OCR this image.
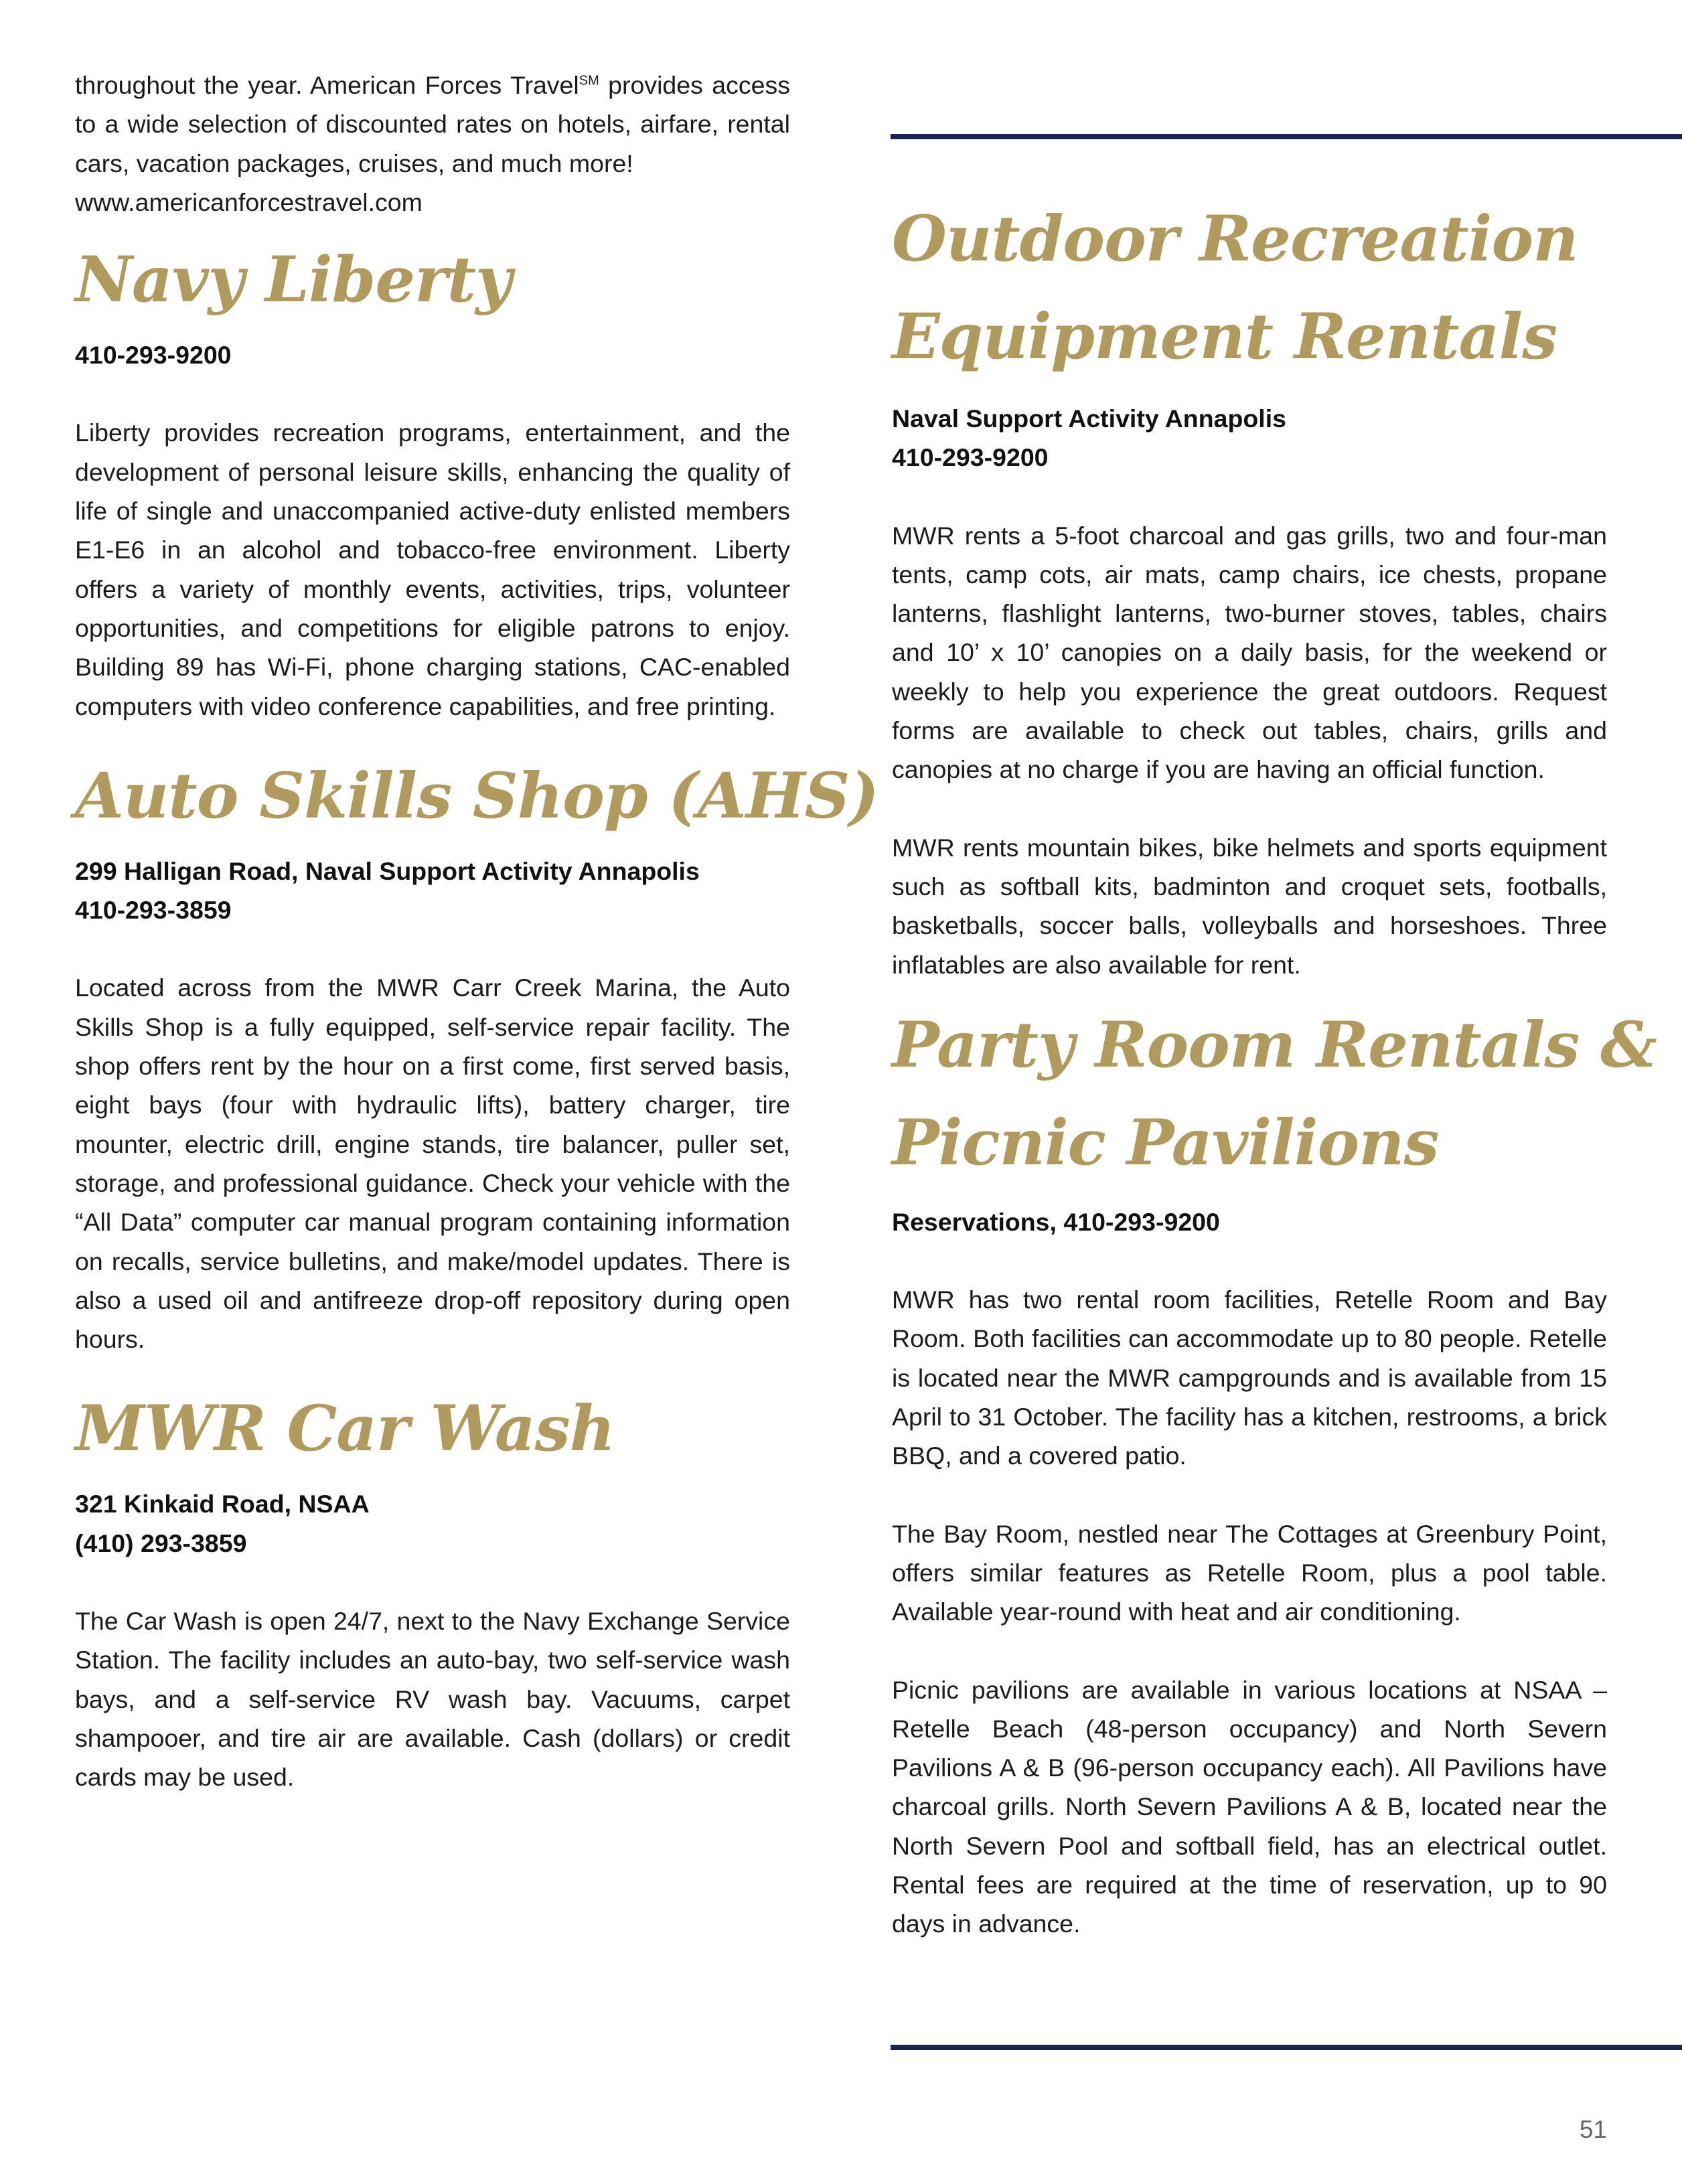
throughout the year. American Forces Travel℠ provides access to a wide selection of discounted rates on hotels, airfare, rental cars, vacation packages, cruises, and much more!
www.americanforcestravel.com

Navy Liberty

410-293-9200

Liberty provides recreation programs, entertainment, and the development of personal leisure skills, enhancing the quality of life of single and unaccompanied active-duty enlisted members E1-E6 in an alcohol and tobacco-free environment. Liberty offers a variety of monthly events, activities, trips, volunteer opportunities, and competitions for eligible patrons to enjoy. Building 89 has Wi-Fi, phone charging stations, CAC-enabled computers with video conference capabilities, and free printing.

Auto Skills Shop (AHS)

299 Halligan Road, Naval Support Activity Annapolis

410-293-3859

Located across from the MWR Carr Creek Marina, the Auto Skills Shop is a fully equipped, self-service repair facility. The shop offers rent by the hour on a first come, first served basis, eight bays (four with hydraulic lifts), battery charger, tire mounter, electric drill, engine stands, tire balancer, puller set, storage, and professional guidance. Check your vehicle with the “All Data” computer car manual program containing information on recalls, service bulletins, and make/model updates. There is also a used oil and antifreeze drop-off repository during open hours.

MWR Car Wash

321 Kinkaid Road, NSAA

(410) 293-3859

The Car Wash is open 24/7, next to the Navy Exchange Service Station. The facility includes an auto-bay, two self-service wash bays, and a self-service RV wash bay. Vacuums, carpet shampooer, and tire air are available. Cash (dollars) or credit cards may be used.

Outdoor Recreation
Equipment Rentals

Naval Support Activity Annapolis

410-293-9200

MWR rents a 5-foot charcoal and gas grills, two and four-man tents, camp cots, air mats, camp chairs, ice chests, propane lanterns, flashlight lanterns, two-burner stoves, tables, chairs and 10’ x 10’ canopies on a daily basis, for the weekend or weekly to help you experience the great outdoors. Request forms are available to check out tables, chairs, grills and canopies at no charge if you are having an official function.

MWR rents mountain bikes, bike helmets and sports equipment such as softball kits, badminton and croquet sets, footballs, basketballs, soccer balls, volleyballs and horseshoes. Three inflatables are also available for rent.

Party Room Rentals &
Picnic Pavilions

Reservations, 410-293-9200

MWR has two rental room facilities, Retelle Room and Bay Room. Both facilities can accommodate up to 80 people. Retelle is located near the MWR campgrounds and is available from 15 April to 31 October. The facility has a kitchen, restrooms, a brick BBQ, and a covered patio.

The Bay Room, nestled near The Cottages at Greenbury Point, offers similar features as Retelle Room, plus a pool table. Available year-round with heat and air conditioning.

Picnic pavilions are available in various locations at NSAA – Retelle Beach (48-person occupancy) and North Severn Pavilions A & B (96-person occupancy each). All Pavilions have charcoal grills. North Severn Pavilions A & B, located near the North Severn Pool and softball field, has an electrical outlet. Rental fees are required at the time of reservation, up to 90 days in advance.

51
